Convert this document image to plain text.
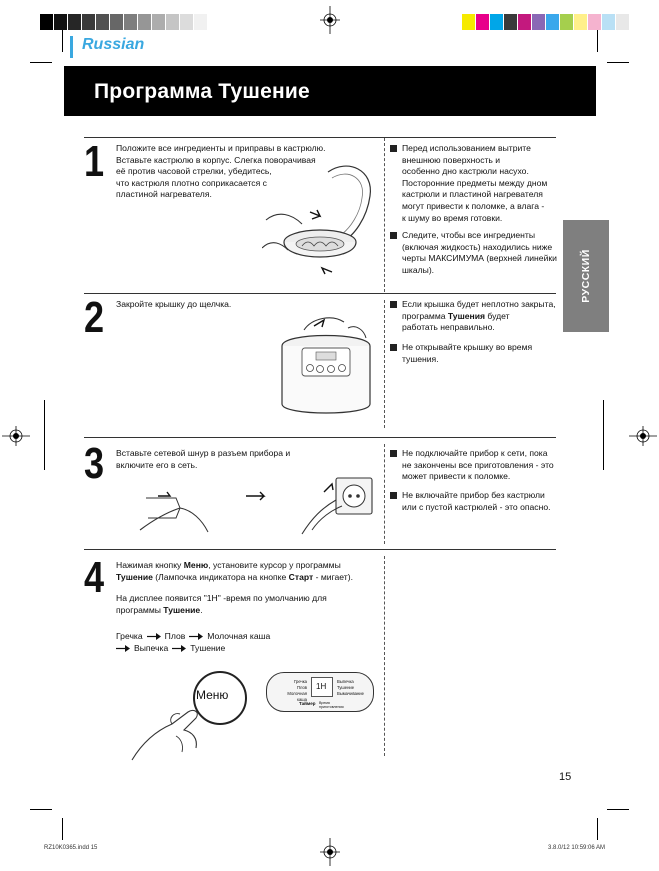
Russian
Программа Тушение
РУССКИЙ
1 Положите все ингредиенты и приправы в кастрюлю.
Вставьте кастрюлю в корпус. Слегка поворачивая
её против часовой стрелки, убедитесь,
что кастрюля плотно соприкасается с
пластиной нагревателя.
Перед использованием вытрите
внешнюю поверхность и
особенно дно кастрюли насухо.
Посторонние предметы между дном
кастрюли и пластиной нагревателя
могут привести к поломке, а влага -
к шуму во время готовки.
Следите, чтобы все ингредиенты
(включая жидкость) находились ниже
черты МАКСИМУМА (верхней линейки
шкалы).
2 Закройте крышку до щелчка.	Если крышка будет неплотно закрыта,
программа Тушения будет
работать неправильно.
Не открывайте крышку во время
тушения.
3 Вставьте сетевой шнур в разъем прибора и
включите его в сеть.
Не подключайте прибор к сети, пока
не закончены все приготовления - это
может привести к поломке.
Не включайте прибор без кастрюли
или с пустой кастрюлей - это опасно.
4 Нажимая кнопку Меню, установите курсор у программы
Тушение (Лампочка индикатора на кнопке Старт - мигает).
На дисплее появится "1H" -время по умолчанию для
программы Тушение.
Гречка	Плов	Молочная каша
Выпечка	Тушение
Меню
Гречка
Плов
Молочная каша
1H
Выпечка
Тушение
Вымачивание
Таймер Время приготовления
15
RZ10K0365.indd 15	3.8.0/12 10:59:06 AM
